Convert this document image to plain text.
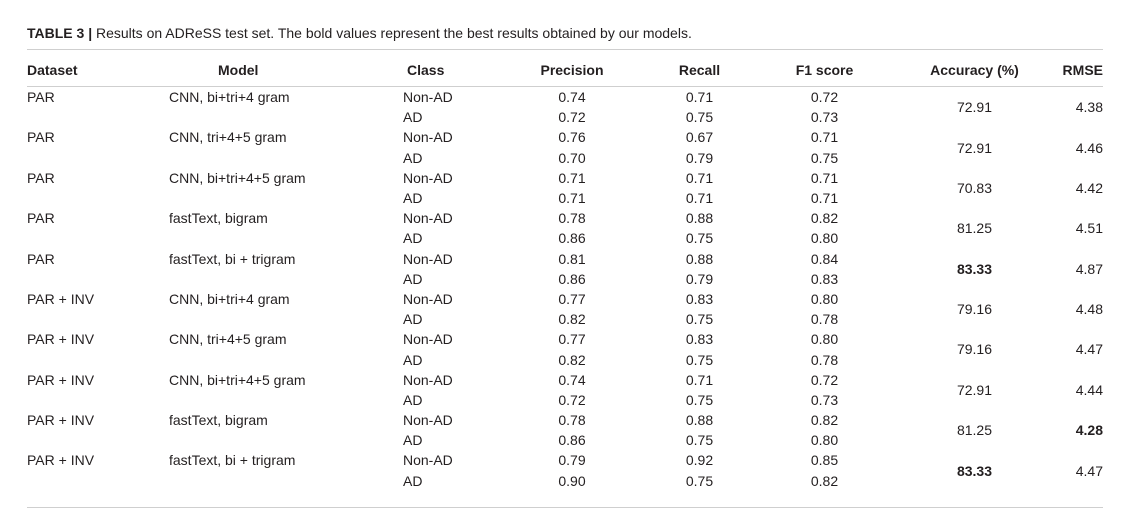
TABLE 3 | Results on ADReSS test set. The bold values represent the best results obtained by our models.
Dataset	Model	Class	Precision	Recall	F1 score	Accuracy (%)	RMSE
PAR	CNN, bi+tri+4 gram	Non-AD	0.74	0.71	0.72	72.91	4.38
		AD	0.72	0.75	0.73		
PAR	CNN, tri+4+5 gram	Non-AD	0.76	0.67	0.71	72.91	4.46
		AD	0.70	0.79	0.75		
PAR	CNN, bi+tri+4+5 gram	Non-AD	0.71	0.71	0.71	70.83	4.42
		AD	0.71	0.71	0.71		
PAR	fastText, bigram	Non-AD	0.78	0.88	0.82	81.25	4.51
		AD	0.86	0.75	0.80		
PAR	fastText, bi + trigram	Non-AD	0.81	0.88	0.84	83.33	4.87
		AD	0.86	0.79	0.83		
PAR + INV	CNN, bi+tri+4 gram	Non-AD	0.77	0.83	0.80	79.16	4.48
		AD	0.82	0.75	0.78		
PAR + INV	CNN, tri+4+5 gram	Non-AD	0.77	0.83	0.80	79.16	4.47
		AD	0.82	0.75	0.78		
PAR + INV	CNN, bi+tri+4+5 gram	Non-AD	0.74	0.71	0.72	72.91	4.44
		AD	0.72	0.75	0.73		
PAR + INV	fastText, bigram	Non-AD	0.78	0.88	0.82	81.25	4.28
		AD	0.86	0.75	0.80		
PAR + INV	fastText, bi + trigram	Non-AD	0.79	0.92	0.85	83.33	4.47
		AD	0.90	0.75	0.82		
